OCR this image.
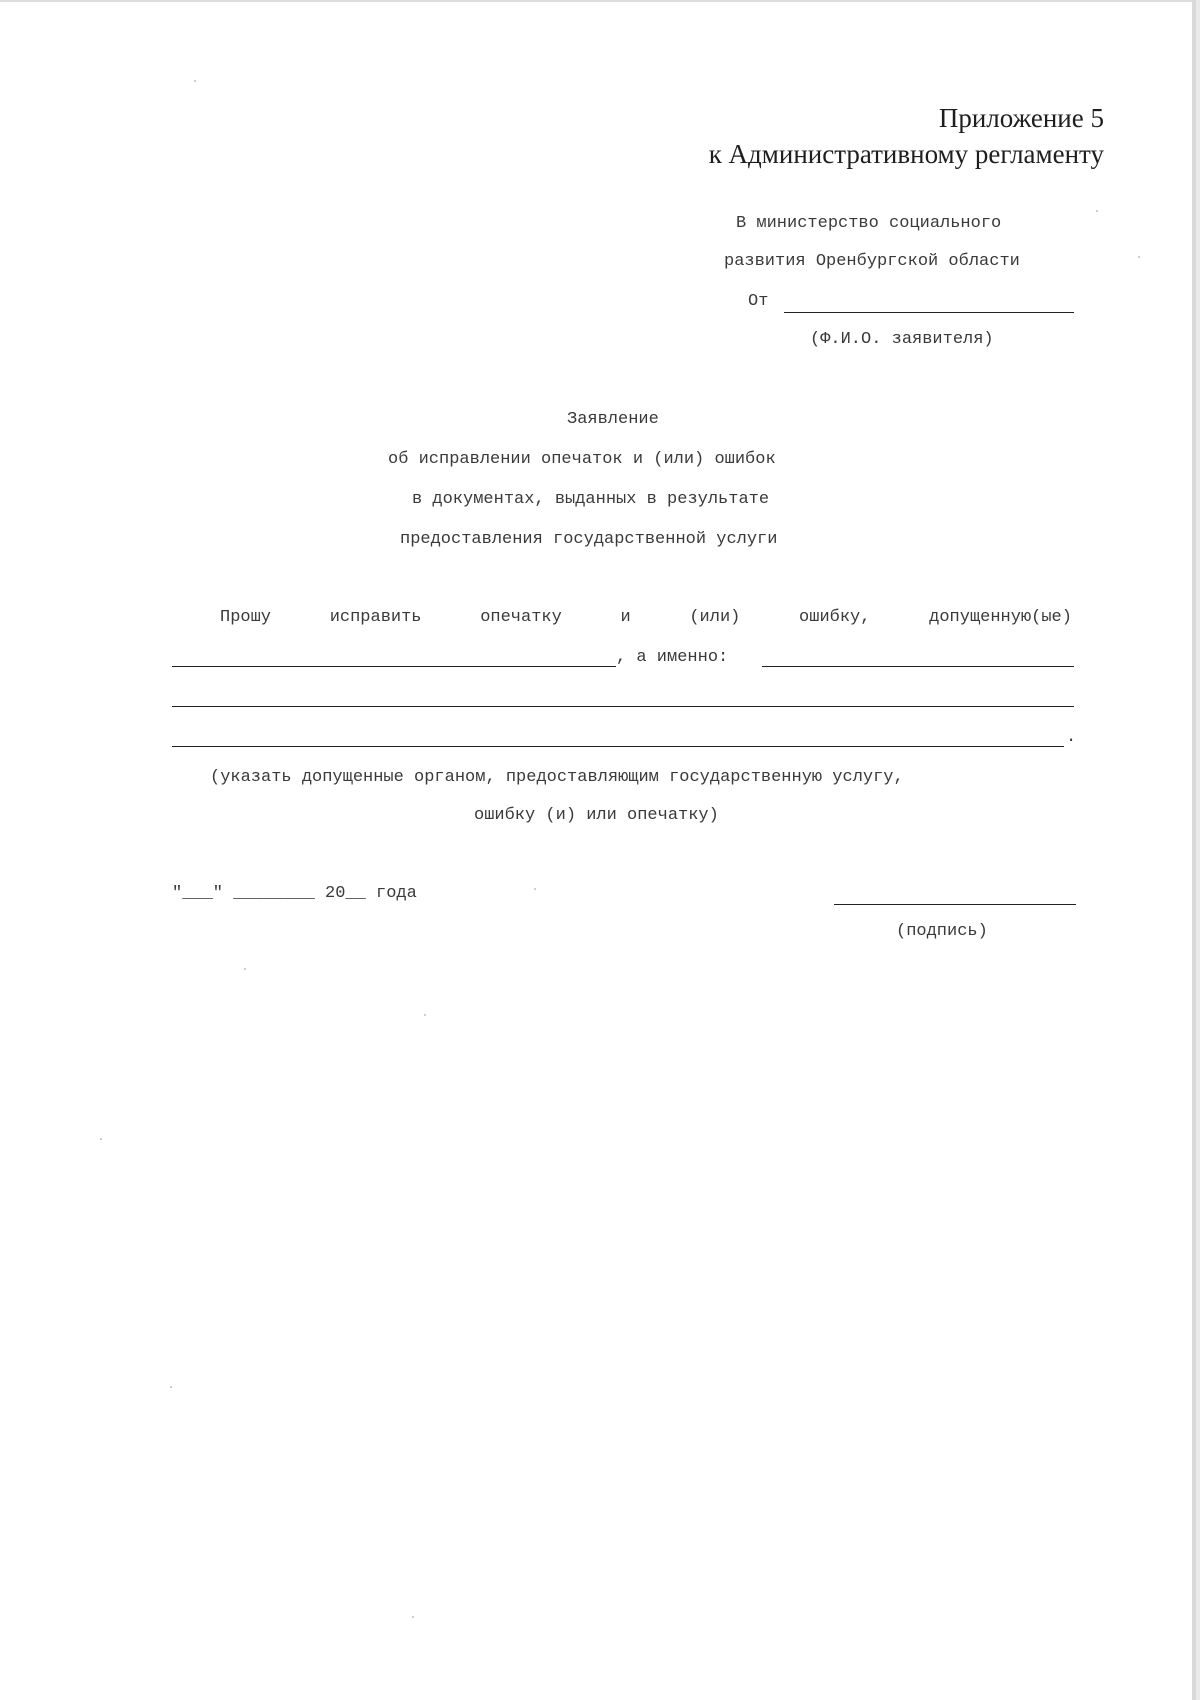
Приложение 5
к Административному регламенту
В министерство социального
развития Оренбургской области
От
(Ф.И.О. заявителя)
Заявление
об исправлении опечаток и (или) ошибок
в документах, выданных в результате
предоставления государственной услуги
Прошу	исправить	опечатку	и	(или)	ошибку,	допущенную(ые)
, а именно:
.
(указать допущенные органом, предоставляющим государственную услугу,
ошибку (и) или опечатку)
"___" ________ 20__ года
(подпись)
